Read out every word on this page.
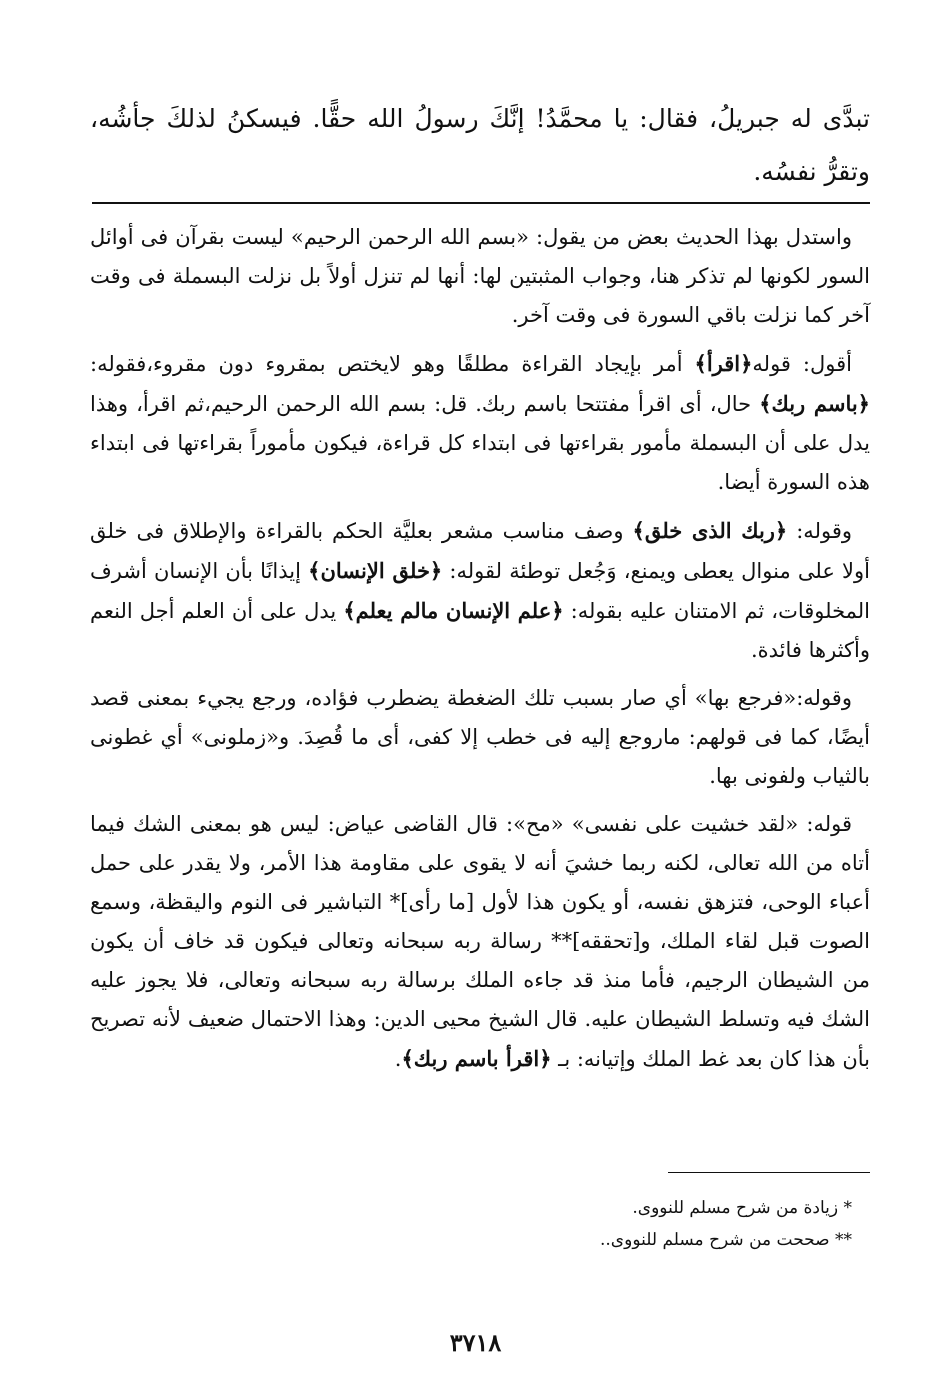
تبدَّى له جبريلُ، فقال: يا محمَّدُ! إنَّكَ رسولُ الله حقًّا. فيسكنُ لذلكَ جأشُه، وتقرُّ نفسُه.

واستدل بهذا الحديث بعض من يقول: «بسم الله الرحمن الرحيم» ليست بقرآن فى أوائل السور لكونها لم تذكر هنا، وجواب المثبتين لها: أنها لم تنزل أولاً بل نزلت البسملة فى وقت آخر كما نزلت باقي السورة فى وقت آخر.

أقول: قوله﴿اقرأ﴾ أمر بإيجاد القراءة مطلقًا وهو لايختص بمقروء دون مقروء،فقوله: ﴿باسم ربك﴾ حال، أى اقرأ مفتتحا باسم ربك. قل: بسم الله الرحمن الرحيم،ثم اقرأ، وهذا يدل على أن البسملة مأمور بقراءتها فى ابتداء كل قراءة، فيكون مأموراً بقراءتها فى ابتداء هذه السورة أيضا.

وقوله: ﴿ربك الذى خلق﴾ وصف مناسب مشعر بعليَّة الحكم بالقراءة والإطلاق فى خلق أولا على منوال يعطى ويمنع، وَجُعل توطئة لقوله: ﴿خلق الإنسان﴾ إيذانًا بأن الإنسان أشرف المخلوقات، ثم الامتنان عليه بقوله: ﴿علم الإنسان مالم يعلم﴾ يدل على أن العلم أجل النعم وأكثرها فائدة.

وقوله:«فرجع بها» أي صار بسبب تلك الضغطة يضطرب فؤاده، ورجع يجيء بمعنى قصد أيضًا، كما فى قولهم: ماروجع إليه فى خطب إلا كفى، أى ما قُصِدَ. و«زملونى» أي غطونى بالثياب ولفونى بها.

قوله: «لقد خشيت على نفسى» «مح»: قال القاضى عياض: ليس هو بمعنى الشك فيما أتاه من الله تعالى، لكنه ربما خشيَ أنه لا يقوى على مقاومة هذا الأمر، ولا يقدر على حمل أعباء الوحى، فتزهق نفسه، أو يكون هذا لأول [ما رأى]* التباشير فى النوم واليقظة، وسمع الصوت قبل لقاء الملك، و[تحققه]** رسالة ربه سبحانه وتعالى فيكون قد خاف أن يكون من الشيطان الرجيم، فأما منذ قد جاءه الملك برسالة ربه سبحانه وتعالى، فلا يجوز عليه الشك فيه وتسلط الشيطان عليه. قال الشيخ محيى الدين: وهذا الاحتمال ضعيف لأنه تصريح بأن هذا كان بعد غط الملك وإتيانه: بـ ﴿اقرأ باسم ربك﴾.

* زيادة من شرح مسلم للنووى.

** صححت من شرح مسلم للنووى..

٣٧١٨
